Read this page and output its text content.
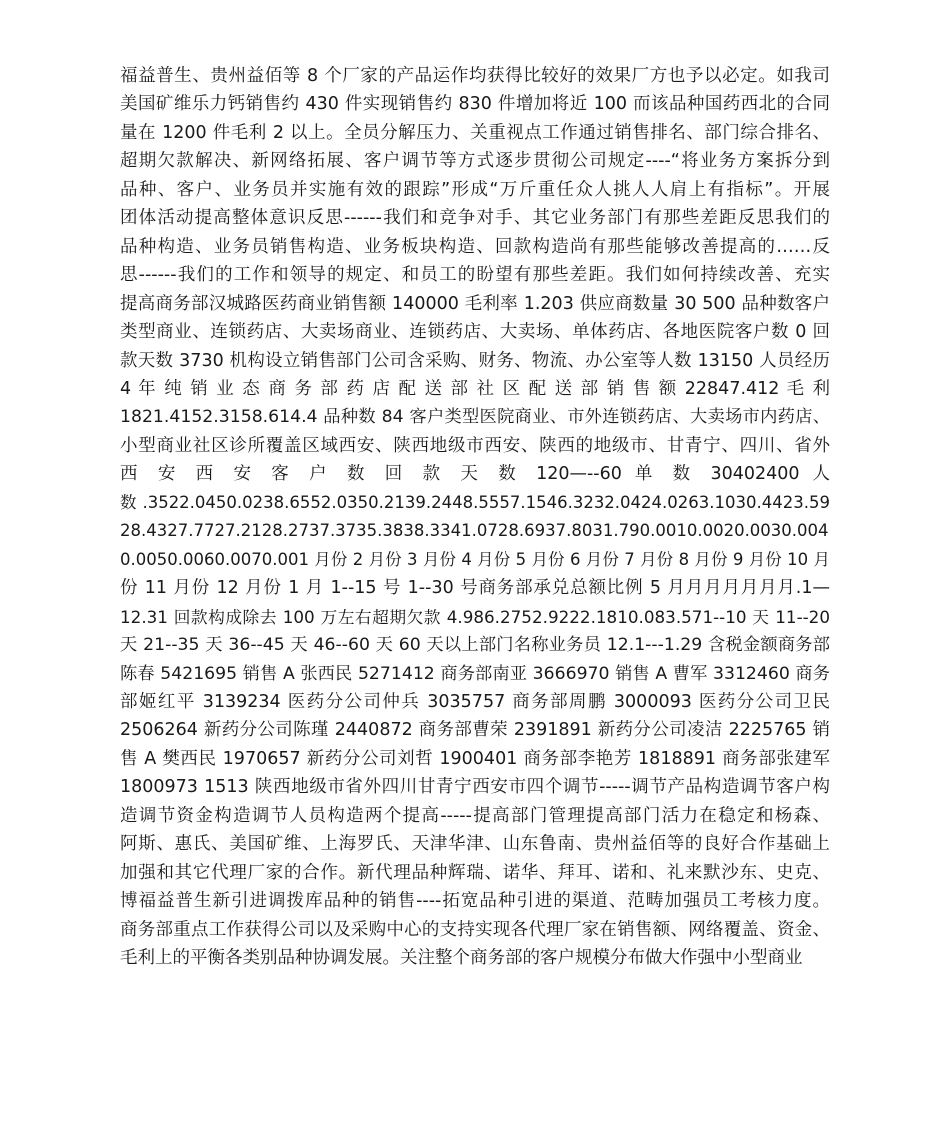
福益普生、贵州益佰等 8 个厂家的产品运作均获得比较好的效果厂方也予以必定。如我司
美国矿维乐力钙销售约 430 件实现销售约 830 件增加将近 100 而该品种国药西北的合同
量在 1200 件毛利 2 以上。全员分解压力、关重视点工作通过销售排名、部门综合排名、
超期欠款解决、新网络拓展、客户调节等方式逐步贯彻公司规定----“将业务方案拆分到
品种、客户、业务员并实施有效的跟踪”形成“万斤重任众人挑人人肩上有指标”。开展
团体活动提高整体意识反思------我们和竞争对手、其它业务部门有那些差距反思我们的
品种构造、业务员销售构造、业务板块构造、回款构造尚有那些能够改善提高的……反
思------我们的工作和领导的规定、和员工的盼望有那些差距。我们如何持续改善、充实
提高商务部汉城路医药商业销售额 140000 毛利率 1.203 供应商数量 30 500 品种数客户
类型商业、连锁药店、大卖场商业、连锁药店、大卖场、单体药店、各地医院客户数 0 回
款天数 3730 机构设立销售部门公司含采购、财务、物流、办公室等人数 13150 人员经历
4 年 纯 销 业 态 商 务 部 药 店 配 送 部 社 区 配 送 部 销 售 额 22847.412 毛 利
1821.4152.3158.614.4 品种数 84 客户类型医院商业、市外连锁药店、大卖场市内药店、
小型商业社区诊所覆盖区域西安、陕西地级市西安、陕西的地级市、甘青宁、四川、省外
西 安 西 安 客 户 数 回 款 天 数 120—--60 单 数 30402400 人
数 .3522.0450.0238.6552.0350.2139.2448.5557.1546.3232.0424.0263.1030.4423.59
28.4327.7727.2128.2737.3735.3838.3341.0728.6937.8031.790.0010.0020.0030.004
0.0050.0060.0070.001 月份 2 月份 3 月份 4 月份 5 月份 6 月份 7 月份 8 月份 9 月份 10 月
份 11 月份 12 月份 1 月 1--15 号 1--30 号商务部承兑总额比例 5 月月月月月月月.1—
12.31 回款构成除去 100 万左右超期欠款 4.986.2752.9222.1810.083.571--10 天 11--20
天 21--35 天 36--45 天 46--60 天 60 天以上部门名称业务员 12.1---1.29 含税金额商务部
陈春 5421695 销售 A 张西民 5271412 商务部南亚 3666970 销售 A 曹军 3312460 商务
部姬红平 3139234 医药分公司仲兵 3035757 商务部周鹏 3000093 医药分公司卫民
2506264 新药分公司陈瑾 2440872 商务部曹荣 2391891 新药分公司凌洁 2225765 销
售 A 樊西民 1970657 新药分公司刘哲 1900401 商务部李艳芳 1818891 商务部张建军
1800973 1513 陕西地级市省外四川甘青宁西安市四个调节-----调节产品构造调节客户构
造调节资金构造调节人员构造两个提高-----提高部门管理提高部门活力在稳定和杨森、
阿斯、惠氏、美国矿维、上海罗氏、天津华津、山东鲁南、贵州益佰等的良好合作基础上
加强和其它代理厂家的合作。新代理品种辉瑞、诺华、拜耳、诺和、礼来默沙东、史克、
博福益普生新引进调拨库品种的销售----拓宽品种引进的渠道、范畴加强员工考核力度。
商务部重点工作获得公司以及采购中心的支持实现各代理厂家在销售额、网络覆盖、资金、
毛利上的平衡各类别品种协调发展。关注整个商务部的客户规模分布做大作强中小型商业
